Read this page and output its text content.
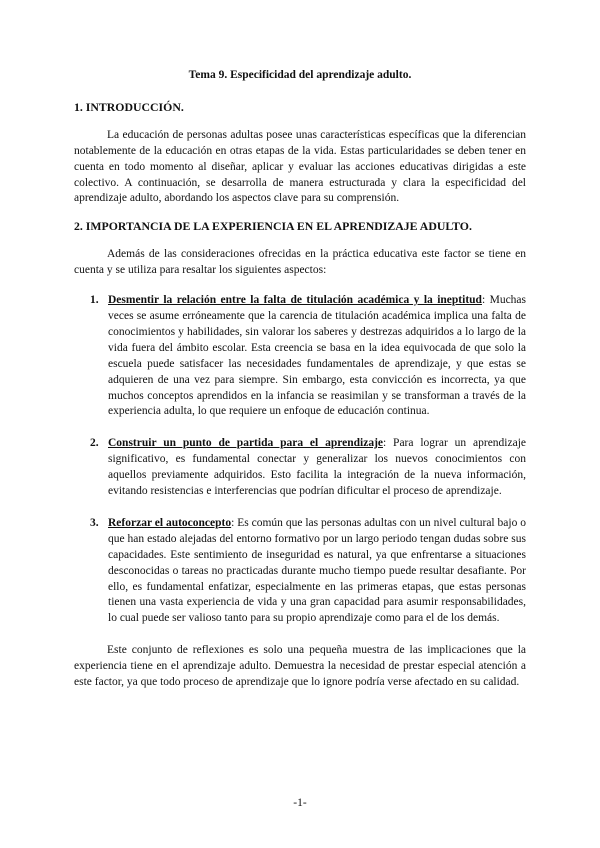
Tema 9. Especificidad del aprendizaje adulto.
1. INTRODUCCIÓN.

La educación de personas adultas posee unas características específicas que la diferencian notablemente de la educación en otras etapas de la vida. Estas particularidades se deben tener en cuenta en todo momento al diseñar, aplicar y evaluar las acciones educativas dirigidas a este colectivo. A continuación, se desarrolla de manera estructurada y clara la especificidad del aprendizaje adulto, abordando los aspectos clave para su comprensión.

2. IMPORTANCIA DE LA EXPERIENCIA EN EL APRENDIZAJE ADULTO.

Además de las consideraciones ofrecidas en la práctica educativa este factor se tiene en cuenta y se utiliza para resaltar los siguientes aspectos:

1. Desmentir la relación entre la falta de titulación académica y la ineptitud: Muchas veces se asume erróneamente que la carencia de titulación académica implica una falta de conocimientos y habilidades, sin valorar los saberes y destrezas adquiridos a lo largo de la vida fuera del ámbito escolar. Esta creencia se basa en la idea equivocada de que solo la escuela puede satisfacer las necesidades fundamentales de aprendizaje, y que estas se adquieren de una vez para siempre. Sin embargo, esta convicción es incorrecta, ya que muchos conceptos aprendidos en la infancia se reasimilan y se transforman a través de la experiencia adulta, lo que requiere un enfoque de educación continua.
2. Construir un punto de partida para el aprendizaje: Para lograr un aprendizaje significativo, es fundamental conectar y generalizar los nuevos conocimientos con aquellos previamente adquiridos. Esto facilita la integración de la nueva información, evitando resistencias e interferencias que podrían dificultar el proceso de aprendizaje.
3. Reforzar el autoconcepto: Es común que las personas adultas con un nivel cultural bajo o que han estado alejadas del entorno formativo por un largo periodo tengan dudas sobre sus capacidades. Este sentimiento de inseguridad es natural, ya que enfrentarse a situaciones desconocidas o tareas no practicadas durante mucho tiempo puede resultar desafiante. Por ello, es fundamental enfatizar, especialmente en las primeras etapas, que estas personas tienen una vasta experiencia de vida y una gran capacidad para asumir responsabilidades, lo cual puede ser valioso tanto para su propio aprendizaje como para el de los demás.

Este conjunto de reflexiones es solo una pequeña muestra de las implicaciones que la experiencia tiene en el aprendizaje adulto. Demuestra la necesidad de prestar especial atención a este factor, ya que todo proceso de aprendizaje que lo ignore podría verse afectado en su calidad.

-1-
